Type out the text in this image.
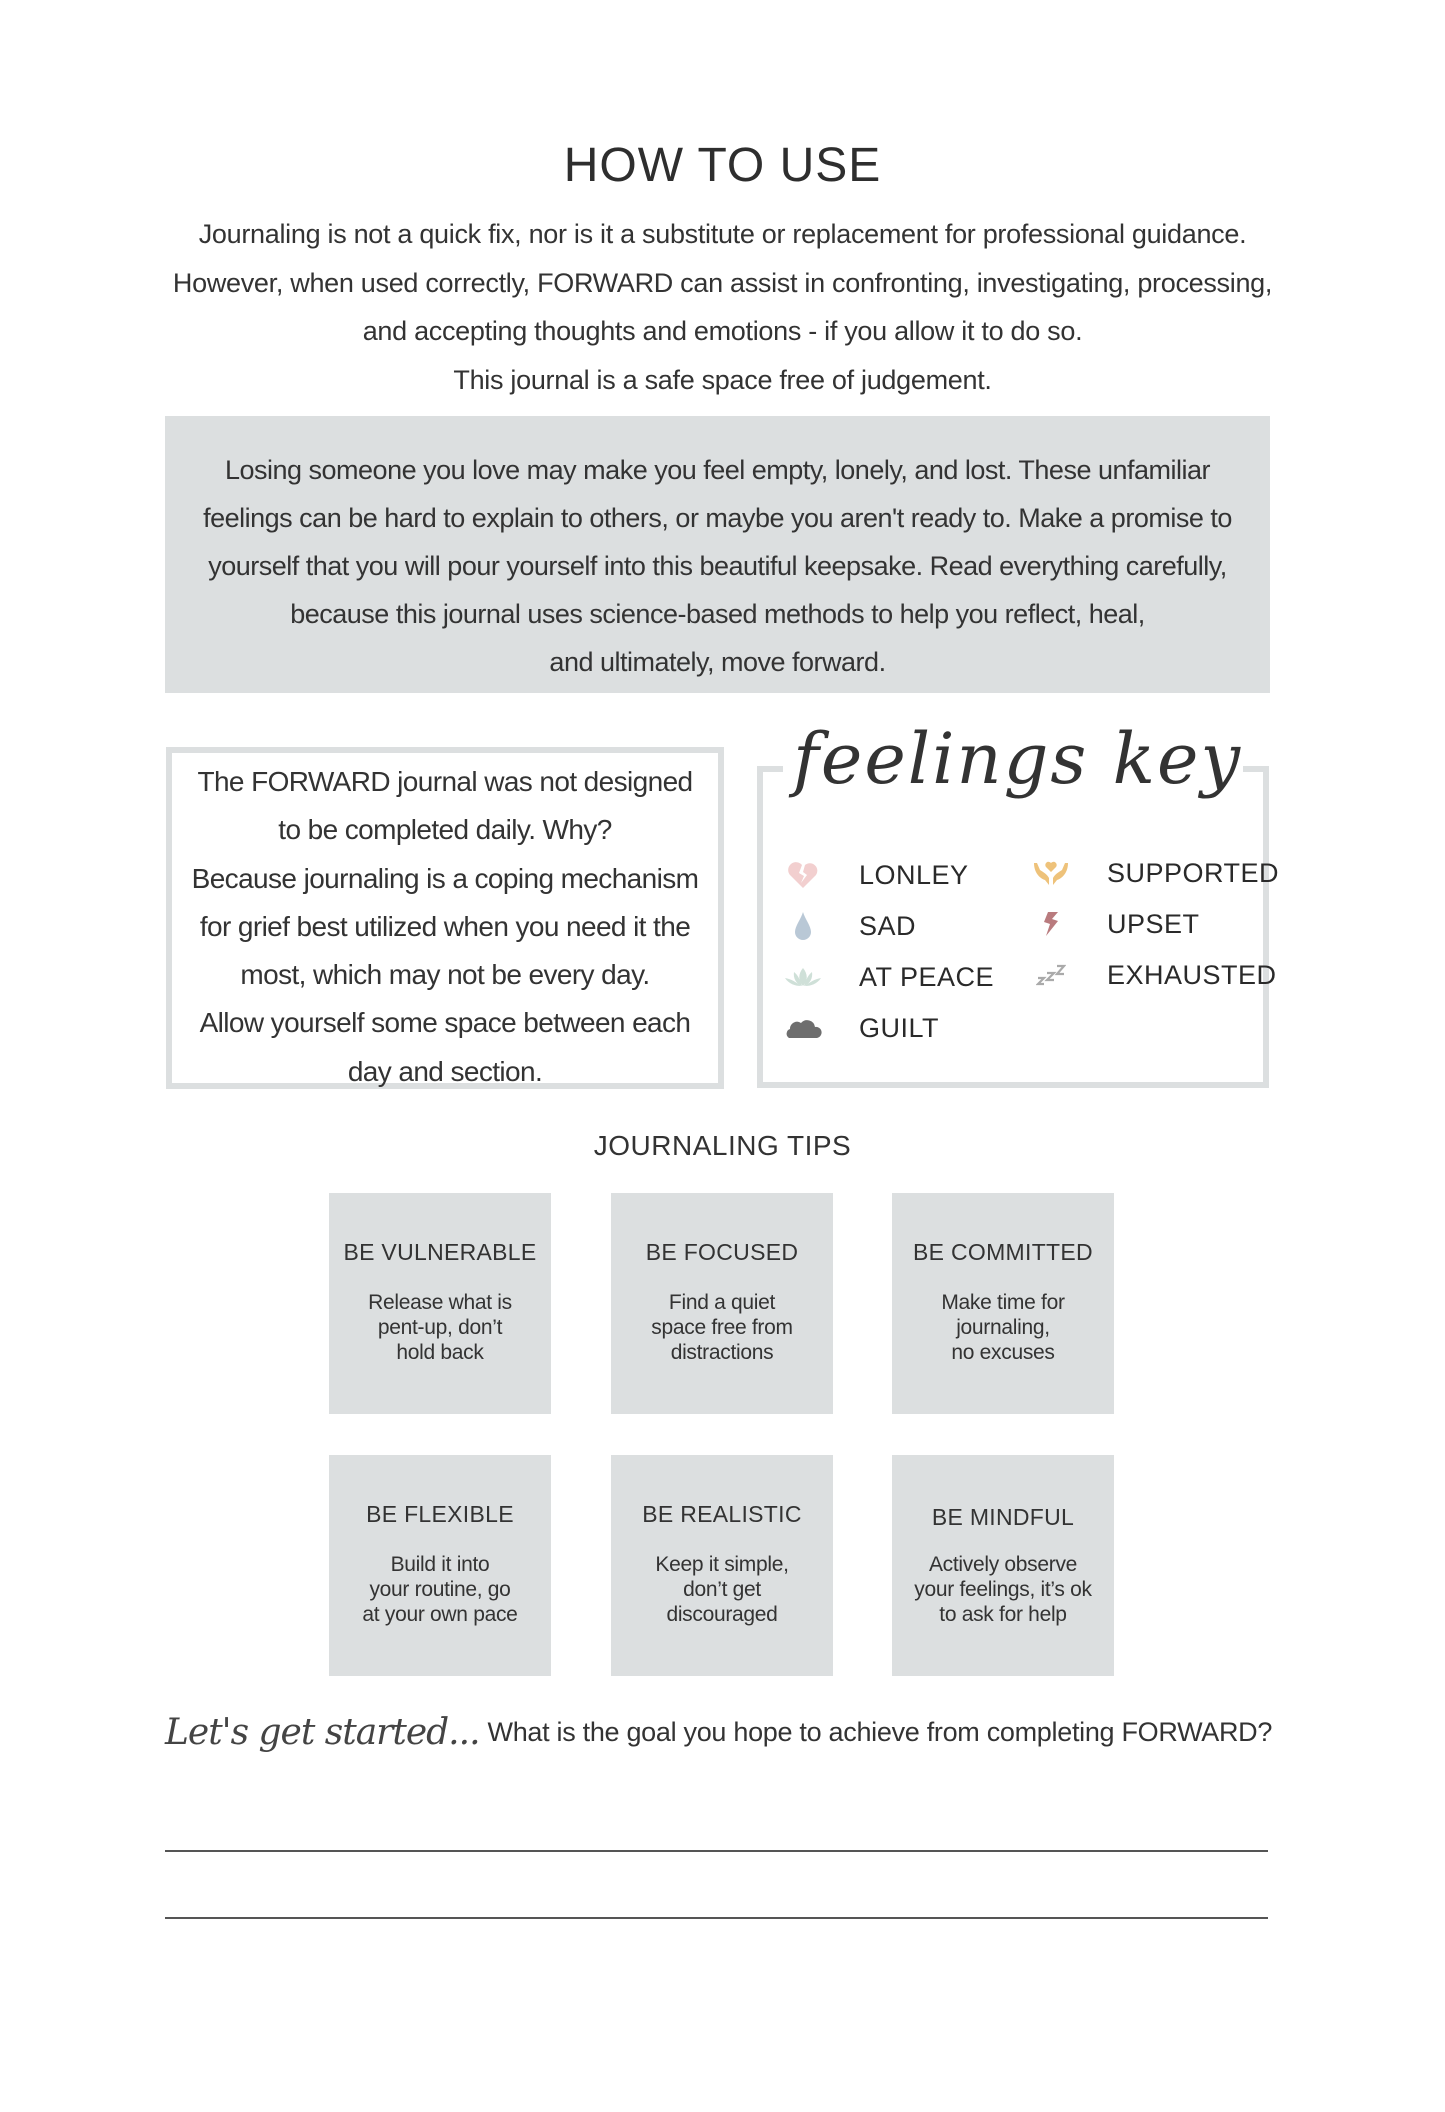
HOW TO USE
Journaling is not a quick fix, nor is it a substitute or replacement for professional guidance.
However, when used correctly, FORWARD can assist in confronting, investigating, processing,
and accepting thoughts and emotions - if you allow it to do so.
This journal is a safe space free of judgement.
Losing someone you love may make you feel empty, lonely, and lost. These unfamiliar
feelings can be hard to explain to others, or maybe you aren't ready to. Make a promise to
yourself that you will pour yourself into this beautiful keepsake. Read everything carefully,
because this journal uses science-based methods to help you reflect, heal,
and ultimately, move forward.
The FORWARD journal was not designed
to be completed daily. Why?
Because journaling is a coping mechanism
for grief best utilized when you need it the
most, which may not be every day.
Allow yourself some space between each
day and section.
feelings key
LONLEY
SAD
AT PEACE
GUILT
SUPPORTED
UPSET
EXHAUSTED
JOURNALING TIPS
BE VULNERABLE
Release what is
pent-up, don’t
hold back
BE FOCUSED
Find a quiet
space free from
distractions
BE COMMITTED
Make time for
journaling,
no excuses
BE FLEXIBLE
Build it into
your routine, go
at your own pace
BE REALISTIC
Keep it simple,
don’t get
discouraged
BE MINDFUL
Actively observe
your feelings, it’s ok
to ask for help
Let's get started... What is the goal you hope to achieve from completing FORWARD?
